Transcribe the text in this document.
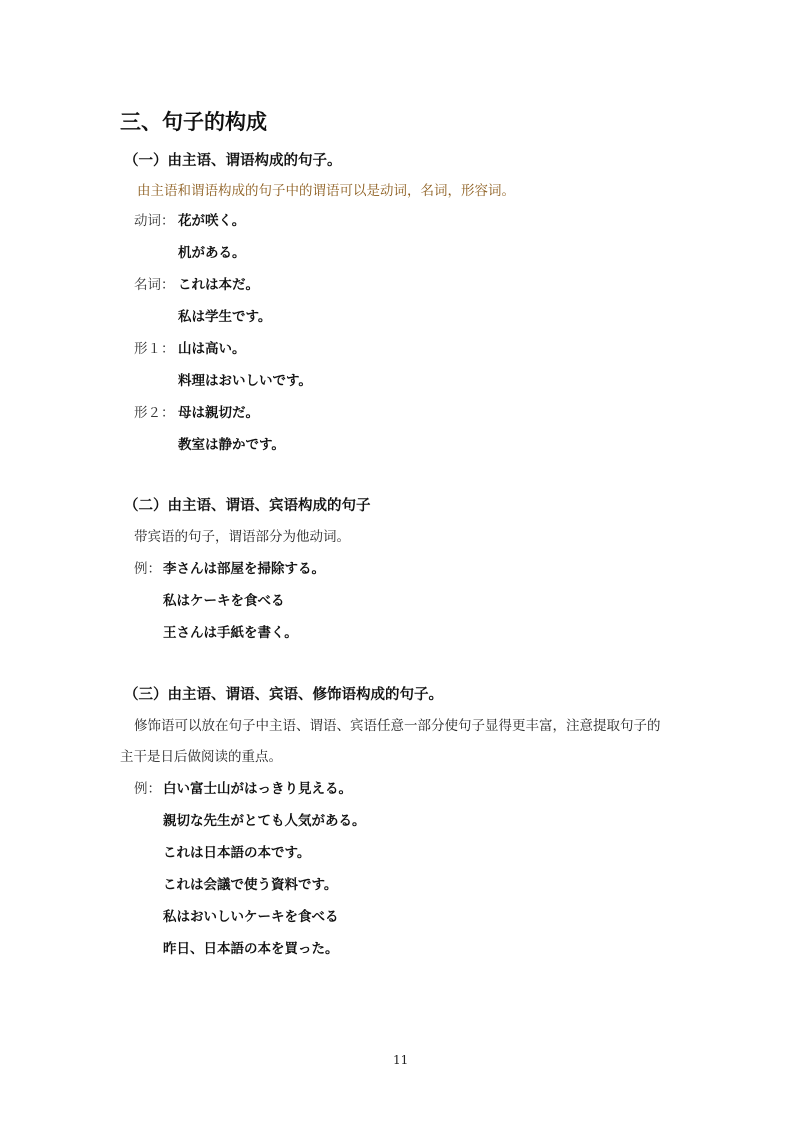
三、句子的构成
（一）由主语、谓语构成的句子。
由主语和谓语构成的句子中的谓语可以是动词，名词，形容词。
动词： 花が咲く。
机がある。
名词： これは本だ。
私は学生です。
形１： 山は高い。
料理はおいしいです。
形２： 母は親切だ。
教室は静かです。
（二）由主语、谓语、宾语构成的句子
带宾语的句子，谓语部分为他动词。
例： 李さんは部屋を掃除する。
私はケーキを食べる
王さんは手紙を書く。
（三）由主语、谓语、宾语、修饰语构成的句子。
修饰语可以放在句子中主语、谓语、宾语任意一部分使句子显得更丰富，注意提取句子的
主干是日后做阅读的重点。
例： 白い富士山がはっきり見える。
親切な先生がとても人気がある。
これは日本語の本です。
これは会議で使う資料です。
私はおいしいケーキを食べる
昨日、日本語の本を買った。
11
